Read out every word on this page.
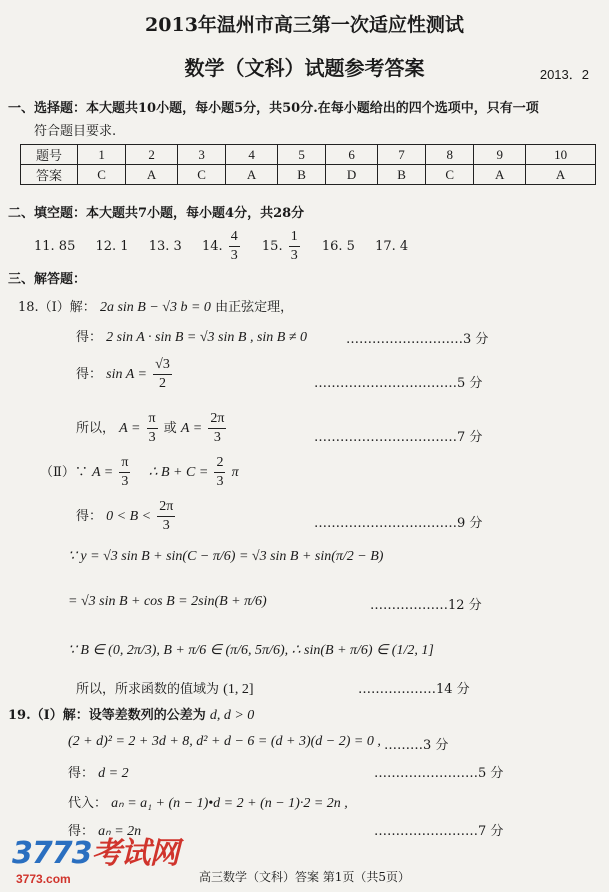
2013年温州市高三第一次适应性测试
数学（文科）试题参考答案	2013．2
一、选择题：本大题共10小题，每小题5分，共50分.在每小题给出的四个选项中，只有一项
符合题目要求.
题号	1	2	3	4	5	6	7	8	9	10
答案	C	A	C	A	B	D	B	C	A	A
二、填空题：本大题共7小题，每小题4分，共28分
11. 85 12. 1 13. 3 14. $\frac{4}{3} 15$. $\frac{1}{3} 16$. 5 17. 4
三、解答题：
18.（Ⅰ）解： 2a sin B − √3 b = 0 由正弦定理，
得： 2 sin A · sin B = √3 sin B , sin B ≠ 0	………………………3 分
得： $\sin A = \frac{√3}{2}$	……………………………5 分
所以， $A = \frac{\pi}{3}$ 或 $A = \frac{2\pi}{3}$	……………………………7 分
（Ⅱ）∵ $A = \frac{\pi}{3}$ ∴ $B + C = \frac{2}{3}$ π
得： $0 < B < \frac{2\pi}{3}$	……………………………9 分
∵ y = √3 sin B + sin(C − π/6) = √3 sin B + sin(π/2 − B)
= √3 sin B + cos B = 2sin(B + π/6)	………………12 分
∵ B ∈ (0, 2π/3), B + π/6 ∈ (π/6, 5π/6), ∴ sin(B + π/6) ∈ (1/2, 1]
所以，所求函数的值域为 (1, 2]	………………14 分
19.（Ⅰ）解：设等差数列的公差为 d, d > 0
(2 + d)² = 2 + 3d + 8, d² + d − 6 = (d + 3)(d − 2) = 0 , ………3 分
得： d = 2	……………………5 分
代入： aₙ = a₁ + (n − 1)•d = 2 + (n − 1)·2 = 2n ,
得： aₙ = 2n	……………………7 分
3773考试网
3773.com	高三数学（文科）答案 第1页（共5页）
